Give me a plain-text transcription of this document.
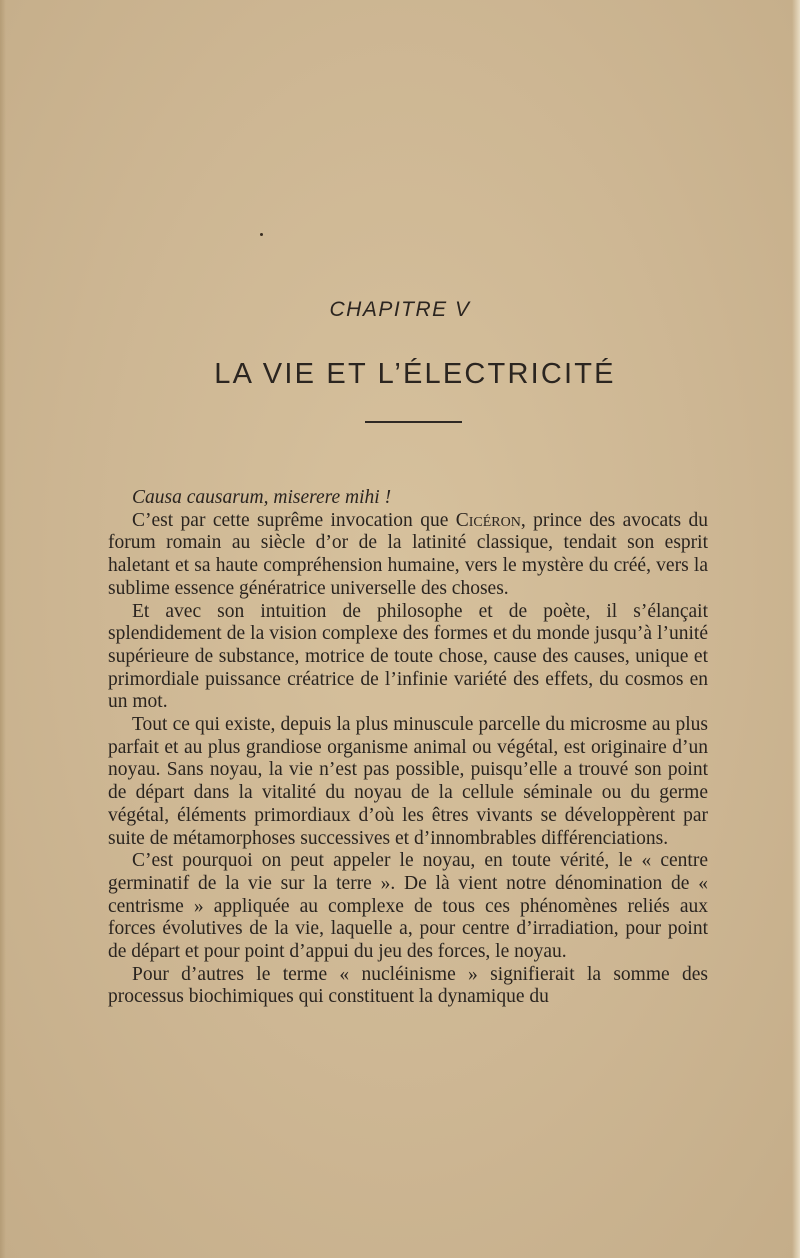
CHAPITRE V
LA VIE ET L’ÉLECTRICITÉ

Causa causarum, miserere mihi !

C’est par cette suprême invocation que Cicéron, prince des avocats du forum romain au siècle d’or de la latinité classique, tendait son esprit haletant et sa haute compréhension humaine, vers le mystère du créé, vers la sublime essence génératrice universelle des choses.

Et avec son intuition de philosophe et de poète, il s’élançait splendidement de la vision complexe des formes et du monde jusqu’à l’unité supérieure de substance, motrice de toute chose, cause des causes, unique et primordiale puissance créatrice de l’infinie variété des effets, du cosmos en un mot.

Tout ce qui existe, depuis la plus minuscule parcelle du microsme au plus parfait et au plus grandiose organisme animal ou végétal, est originaire d’un noyau. Sans noyau, la vie n’est pas possible, puisqu’elle a trouvé son point de départ dans la vitalité du noyau de la cellule séminale ou du germe végétal, éléments primordiaux d’où les êtres vivants se développèrent par suite de métamorphoses successives et d’innombrables différenciations.

C’est pourquoi on peut appeler le noyau, en toute vérité, le « centre germinatif de la vie sur la terre ». De là vient notre dénomination de « centrisme » appliquée au complexe de tous ces phénomènes reliés aux forces évolutives de la vie, laquelle a, pour centre d’irradiation, pour point de départ et pour point d’appui du jeu des forces, le noyau.

Pour d’autres le terme « nucléinisme » signifierait la somme des processus biochimiques qui constituent la dynamique du
